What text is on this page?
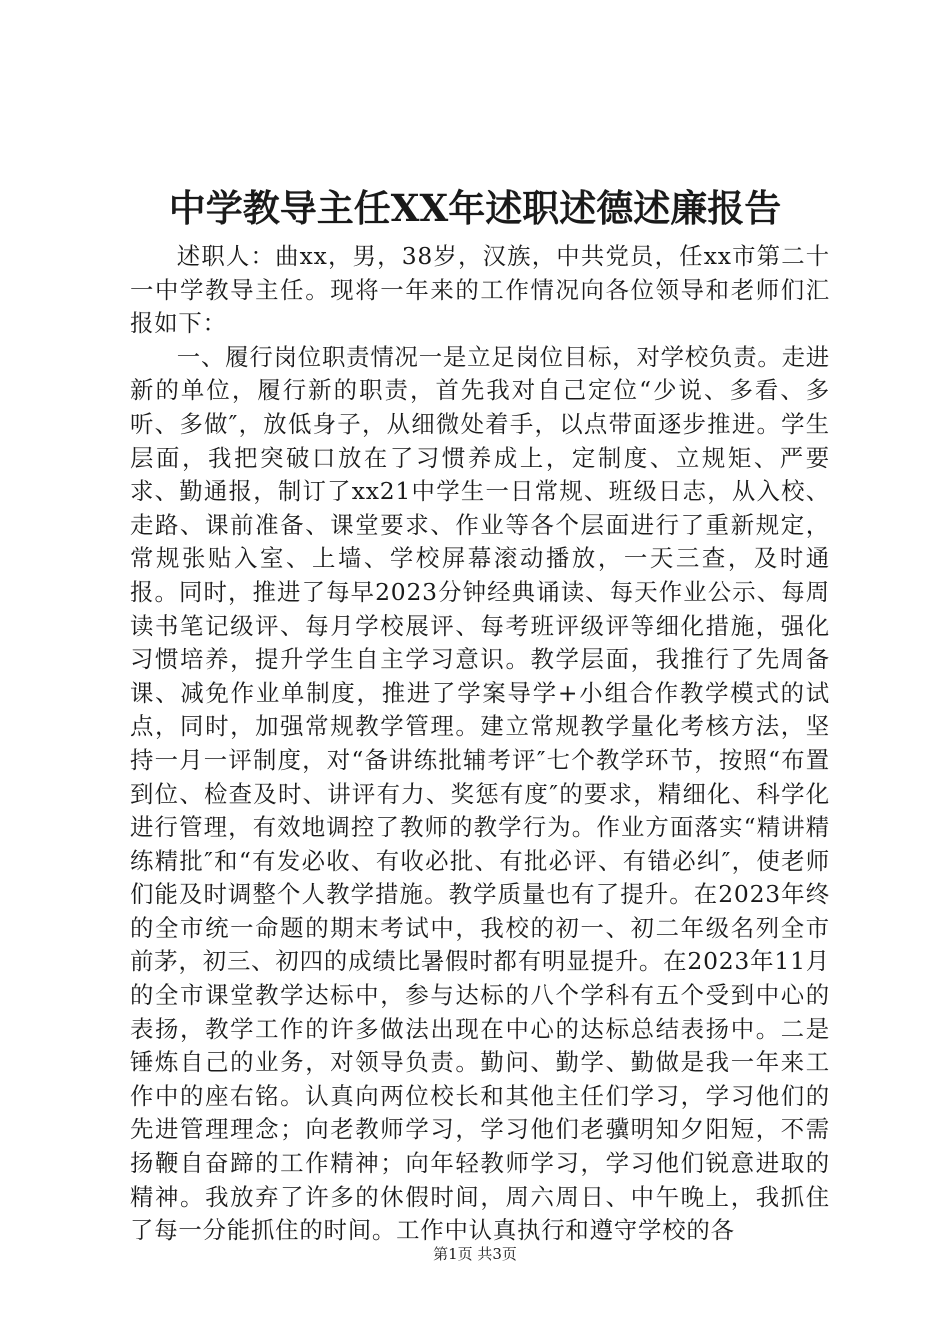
中学教导主任XX年述职述德述廉报告

述职人：曲xx，男，38岁，汉族，中共党员，任xx市第二十一中学教导主任。现将一年来的工作情况向各位领导和老师们汇报如下：

一、履行岗位职责情况一是立足岗位目标，对学校负责。走进新的单位，履行新的职责，首先我对自己定位“少说、多看、多听、多做″，放低身子，从细微处着手，以点带面逐步推进。学生层面，我把突破口放在了习惯养成上，定制度、立规矩、严要求、勤通报，制订了xx21中学生一日常规、班级日志，从入校、走路、课前准备、课堂要求、作业等各个层面进行了重新规定，常规张贴入室、上墙、学校屏幕滚动播放，一天三查，及时通报。同时，推进了每早2023分钟经典诵读、每天作业公示、每周读书笔记级评、每月学校展评、每考班评级评等细化措施，强化习惯培养，提升学生自主学习意识。教学层面，我推行了先周备课、减免作业单制度，推进了学案导学+小组合作教学模式的试点，同时，加强常规教学管理。建立常规教学量化考核方法，坚持一月一评制度，对“备讲练批辅考评″七个教学环节，按照“布置到位、检查及时、讲评有力、奖惩有度″的要求，精细化、科学化进行管理，有效地调控了教师的教学行为。作业方面落实“精讲精练精批″和“有发必收、有收必批、有批必评、有错必纠″，使老师们能及时调整个人教学措施。教学质量也有了提升。在2023年终的全市统一命题的期末考试中，我校的初一、初二年级名列全市前茅，初三、初四的成绩比暑假时都有明显提升。在2023年11月的全市课堂教学达标中，参与达标的八个学科有五个受到中心的表扬，教学工作的许多做法出现在中心的达标总结表扬中。二是锤炼自己的业务，对领导负责。勤问、勤学、勤做是我一年来工作中的座右铭。认真向两位校长和其他主任们学习，学习他们的先进管理理念；向老教师学习，学习他们老骥明知夕阳短，不需扬鞭自奋蹄的工作精神；向年轻教师学习，学习他们锐意进取的精神。我放弃了许多的休假时间，周六周日、中午晚上，我抓住了每一分能抓住的时间。工作中认真执行和遵守学校的各

第1页 共3页
